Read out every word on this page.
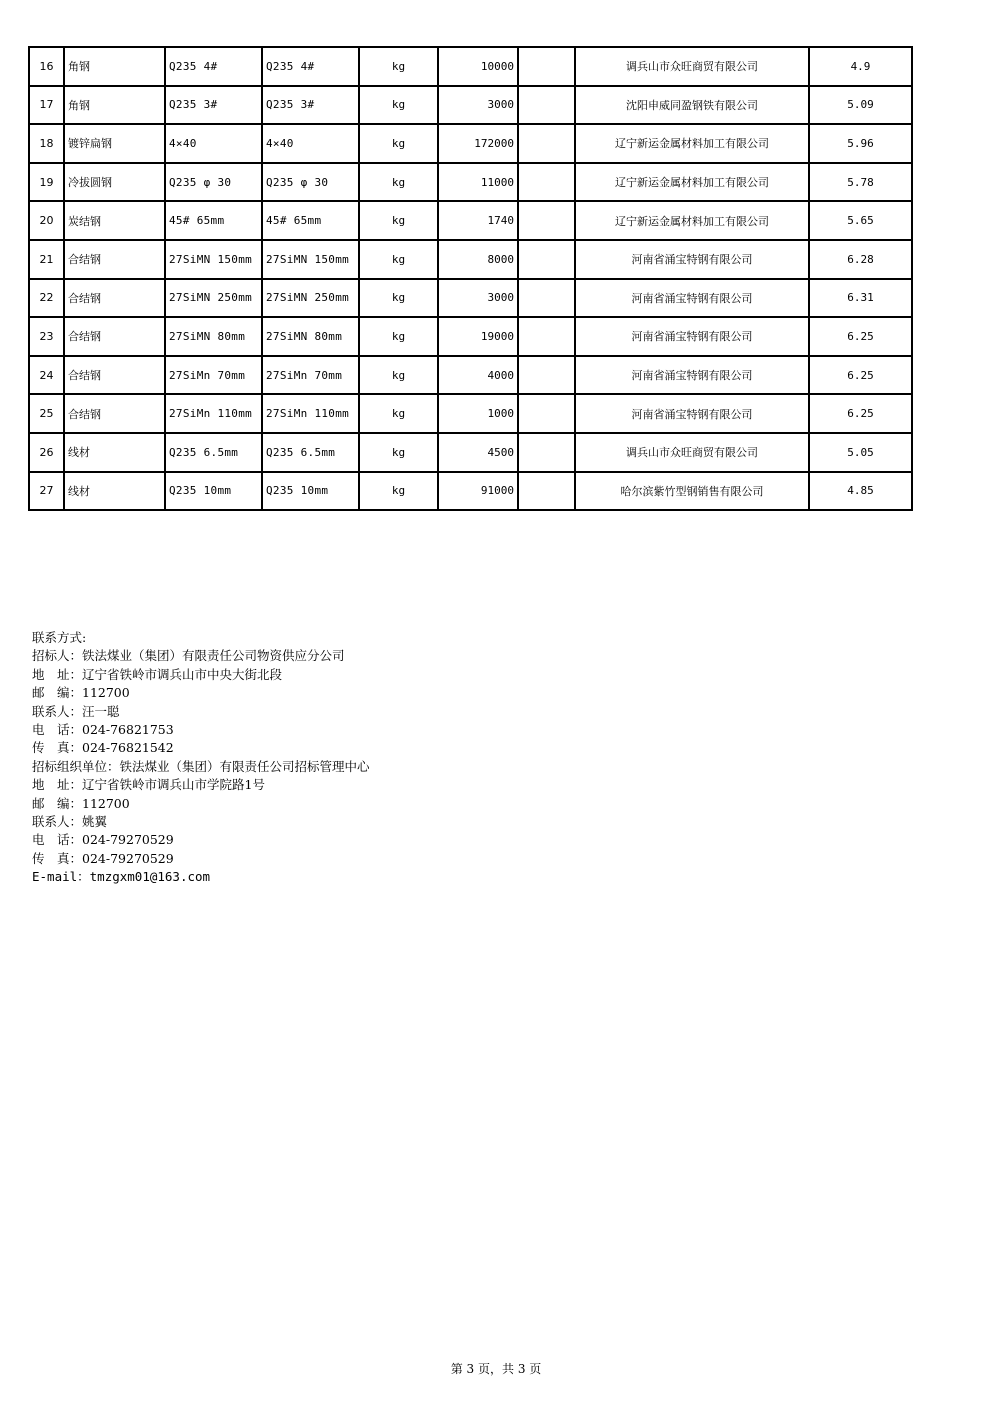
16	角钢	Q235 4#	Q235 4#	kg	10000		调兵山市众旺商贸有限公司	4.9
17	角钢	Q235 3#	Q235 3#	kg	3000		沈阳申威同盈钢铁有限公司	5.09
18	镀锌扁钢	4×40	4×40	kg	172000		辽宁新运金属材料加工有限公司	5.96
19	冷拔圆钢	Q235 φ 30	Q235 φ 30	kg	11000		辽宁新运金属材料加工有限公司	5.78
20	炭结钢	45# 65mm	45# 65mm	kg	1740		辽宁新运金属材料加工有限公司	5.65
21	合结钢	27SiMN 150mm	27SiMN 150mm	kg	8000		河南省涌宝特钢有限公司	6.28
22	合结钢	27SiMN 250mm	27SiMN 250mm	kg	3000		河南省涌宝特钢有限公司	6.31
23	合结钢	27SiMN 80mm	27SiMN 80mm	kg	19000		河南省涌宝特钢有限公司	6.25
24	合结钢	27SiMn 70mm	27SiMn 70mm	kg	4000		河南省涌宝特钢有限公司	6.25
25	合结钢	27SiMn 110mm	27SiMn 110mm	kg	1000		河南省涌宝特钢有限公司	6.25
26	线材	Q235 6.5mm	Q235 6.5mm	kg	4500		调兵山市众旺商贸有限公司	5.05
27	线材	Q235 10mm	Q235 10mm	kg	91000		哈尔滨紫竹型钢销售有限公司	4.85
联系方式:
招标人：铁法煤业（集团）有限责任公司物资供应分公司
地　址：辽宁省铁岭市调兵山市中央大街北段
邮　编：112700
联系人：汪一聪
电　话：024-76821753
传　真：024-76821542
招标组织单位：铁法煤业（集团）有限责任公司招标管理中心
地　址：辽宁省铁岭市调兵山市学院路1号
邮　编：112700
联系人：姚翼
电　话：024-79270529
传　真：024-79270529
E-mail：tmzgxm01@163.com
第 3 页，共 3 页
